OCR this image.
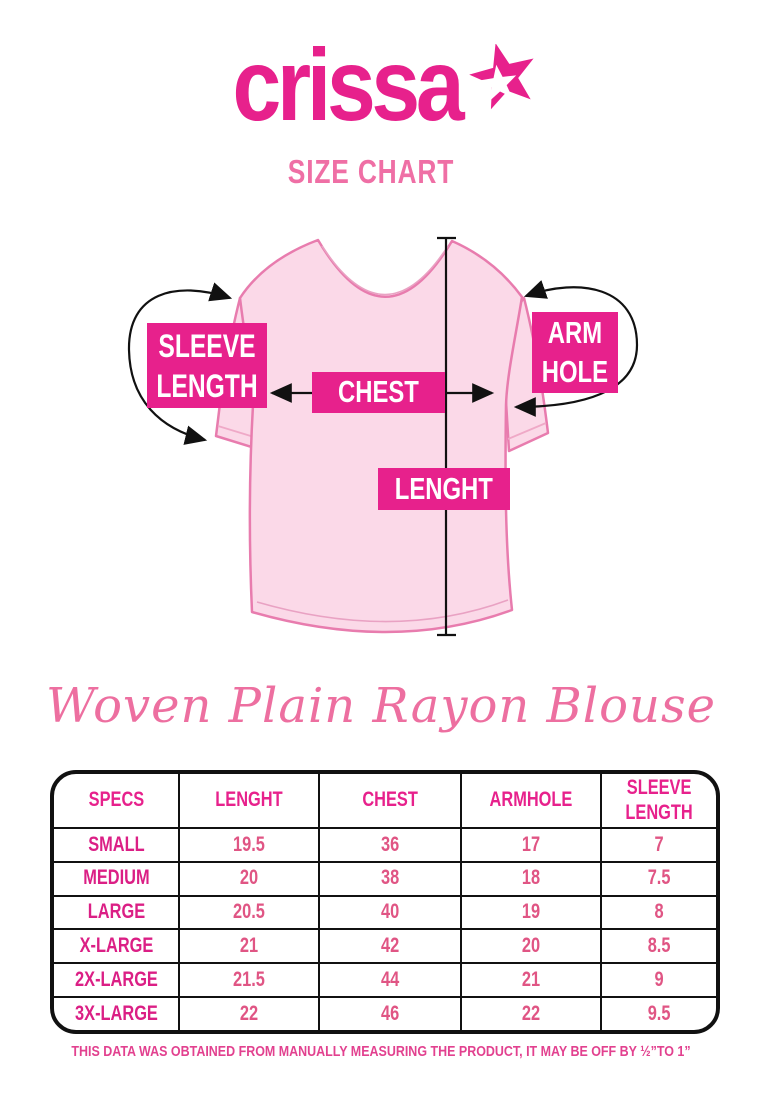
crissa
SIZE CHART
SLEEVE LENGTH	CHEST
ARM HOLE
LENGHT
Woven Plain Rayon Blouse
SPECS	LENGHT	CHEST	ARMHOLE	SLEEVE LENGTH

SMALL	19.5	36	17	7

MEDIUM	20	38	18	7.5

LARGE	20.5	40	19	8

X-LARGE	21	42	20	8.5

2X-LARGE	21.5	44	21	9

3X-LARGE	22	46	22	9.5
THIS DATA WAS OBTAINED FROM MANUALLY MEASURING THE PRODUCT, IT MAY BE OFF BY ½”TO 1”
